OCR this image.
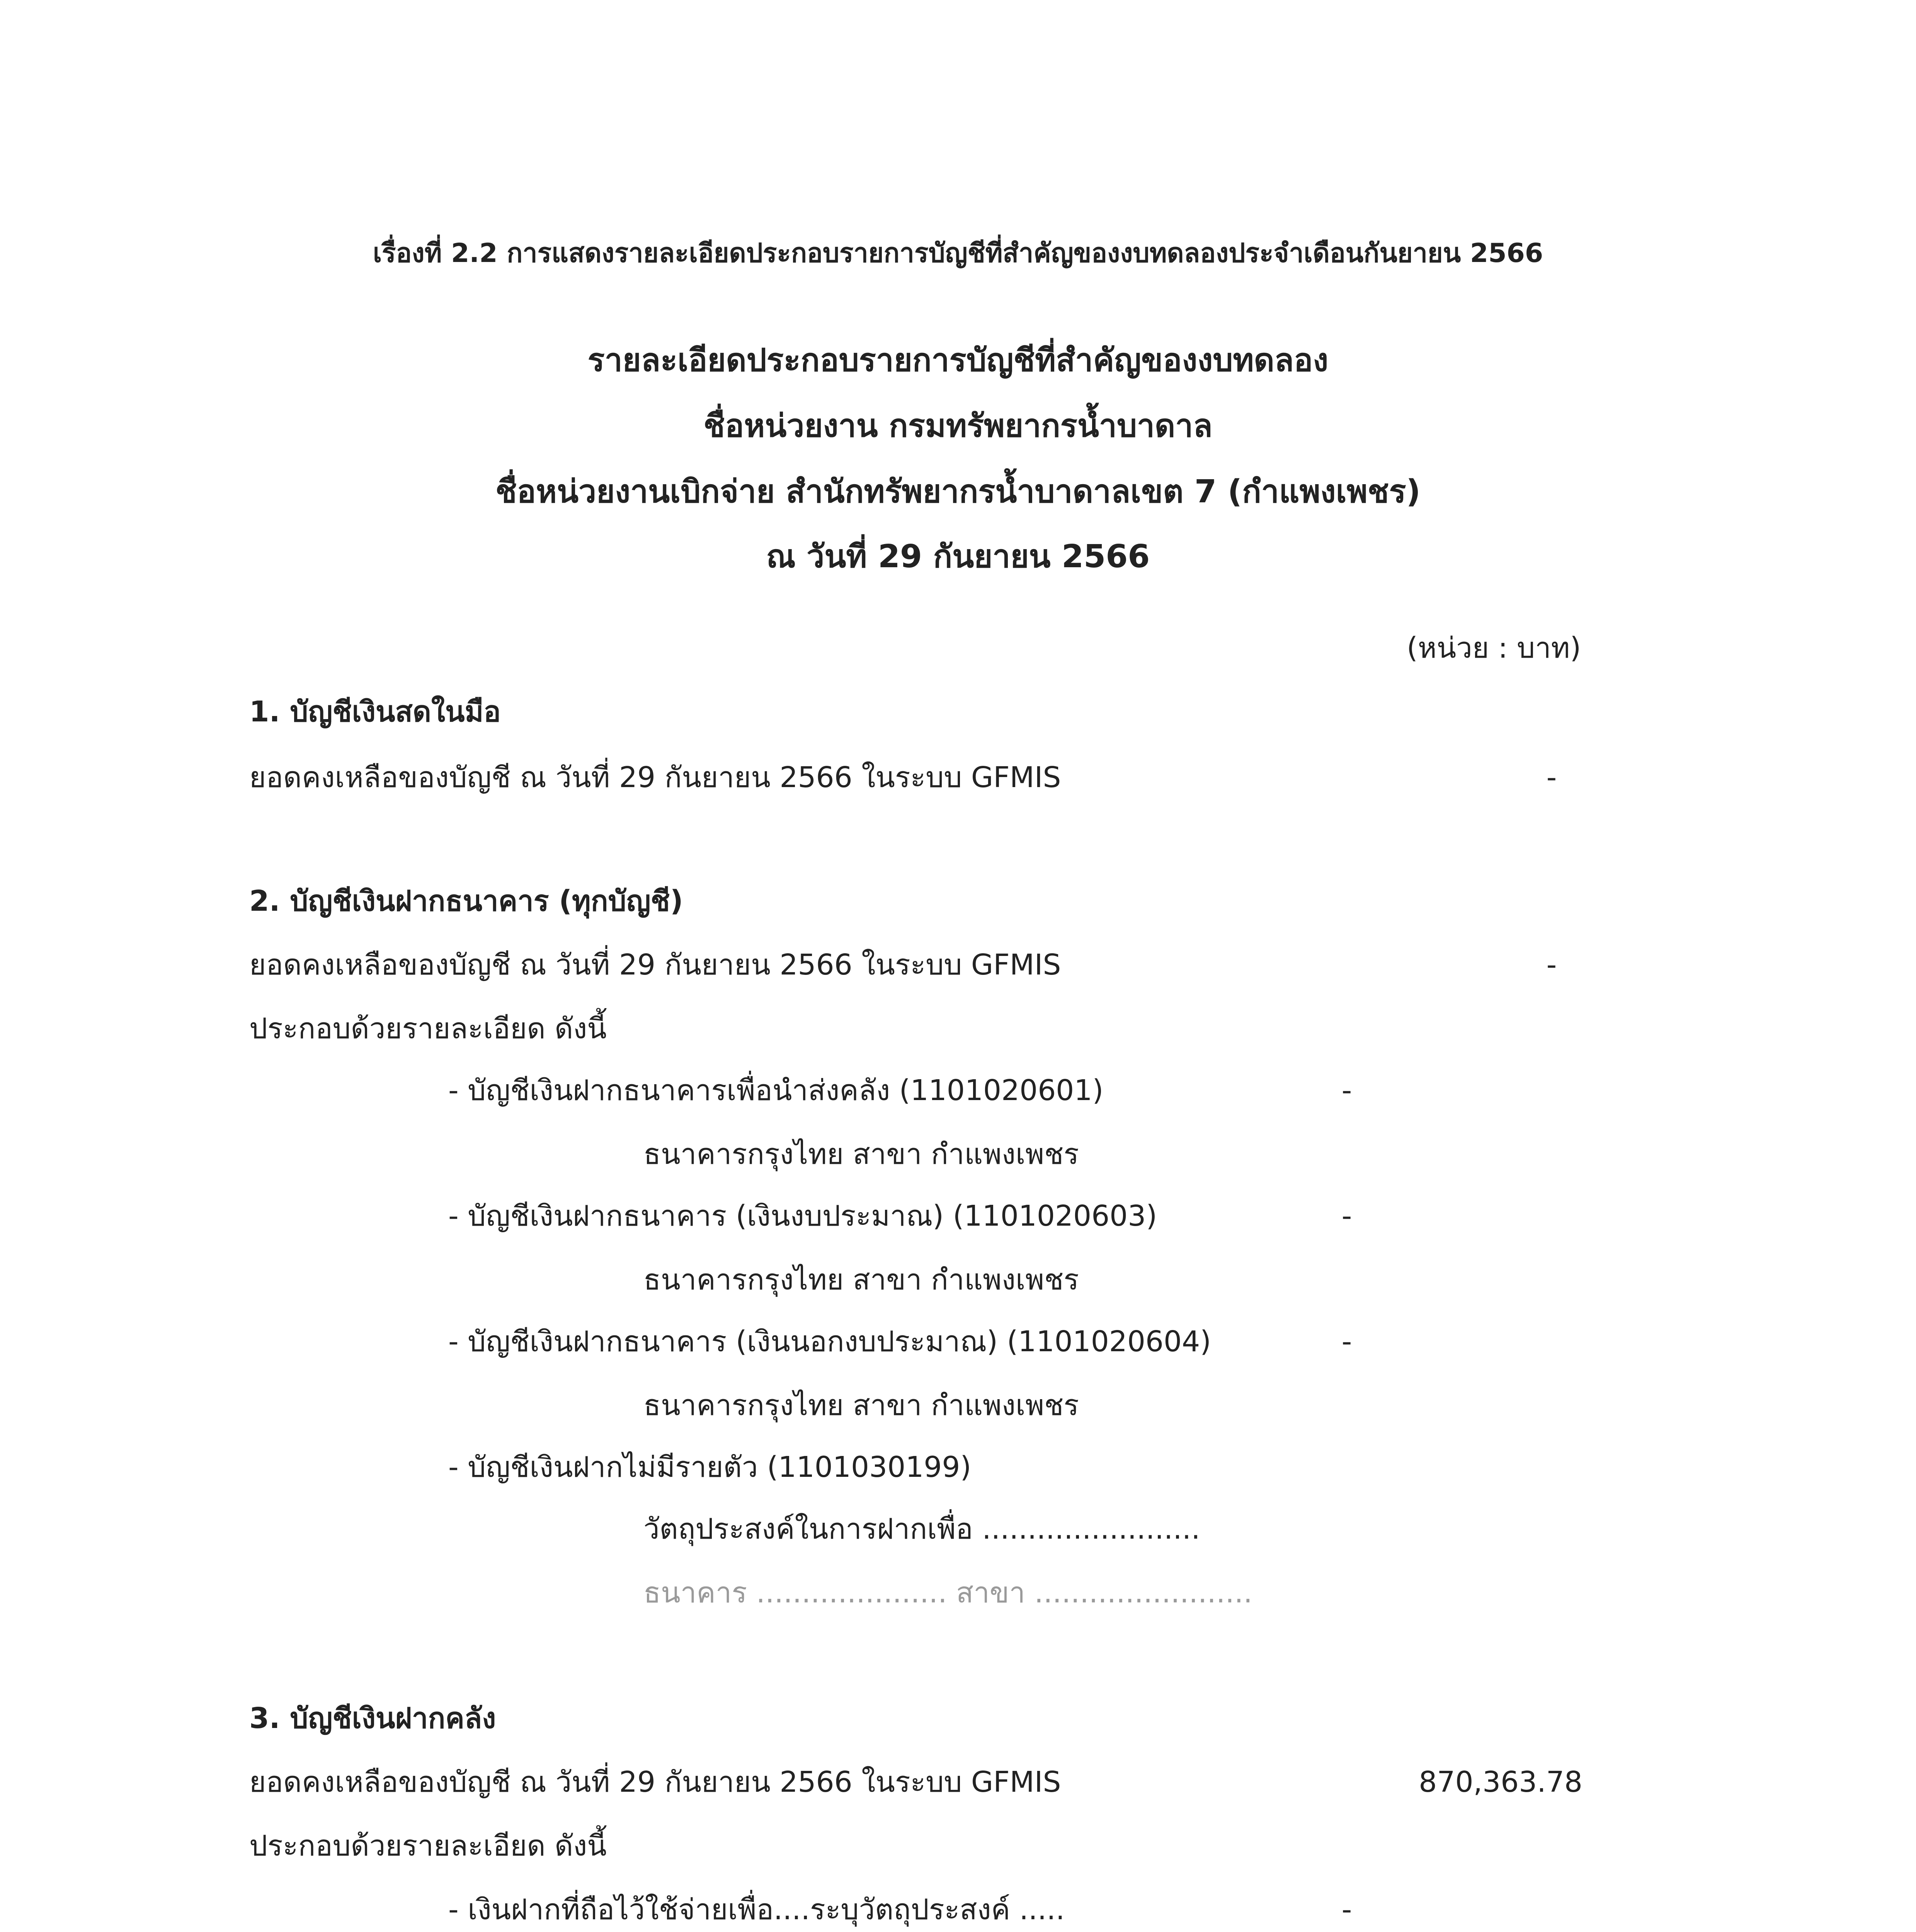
เรื่องที่ 2.2 การแสดงรายละเอียดประกอบรายการบัญชีที่สำคัญของงบทดลองประจำเดือนกันยายน 2566
รายละเอียดประกอบรายการบัญชีที่สำคัญของงบทดลอง
ชื่อหน่วยงาน กรมทรัพยากรน้ำบาดาล
ชื่อหน่วยงานเบิกจ่าย สำนักทรัพยากรน้ำบาดาลเขต 7 (กำแพงเพชร)
ณ วันที่ 29 กันยายน 2566
(หน่วย : บาท)
1. บัญชีเงินสดในมือ
ยอดคงเหลือของบัญชี ณ วันที่ 29 กันยายน 2566 ในระบบ GFMIS	-
2. บัญชีเงินฝากธนาคาร (ทุกบัญชี)
ยอดคงเหลือของบัญชี ณ วันที่ 29 กันยายน 2566 ในระบบ GFMIS	-
ประกอบด้วยรายละเอียด ดังนี้
- บัญชีเงินฝากธนาคารเพื่อนำส่งคลัง (1101020601)	-
ธนาคารกรุงไทย สาขา กำแพงเพชร
- บัญชีเงินฝากธนาคาร (เงินงบประมาณ) (1101020603)	-
ธนาคารกรุงไทย สาขา กำแพงเพชร
- บัญชีเงินฝากธนาคาร (เงินนอกงบประมาณ) (1101020604)	-
ธนาคารกรุงไทย สาขา กำแพงเพชร
- บัญชีเงินฝากไม่มีรายตัว (1101030199)
วัตถุประสงค์ในการฝากเพื่อ ........................
ธนาคาร ..................... สาขา ........................
3. บัญชีเงินฝากคลัง
ยอดคงเหลือของบัญชี ณ วันที่ 29 กันยายน 2566 ในระบบ GFMIS	870,363.78
ประกอบด้วยรายละเอียด ดังนี้
- เงินฝากที่ถือไว้ใช้จ่ายเพื่อ....ระบุวัตถุประสงค์ .....	-
